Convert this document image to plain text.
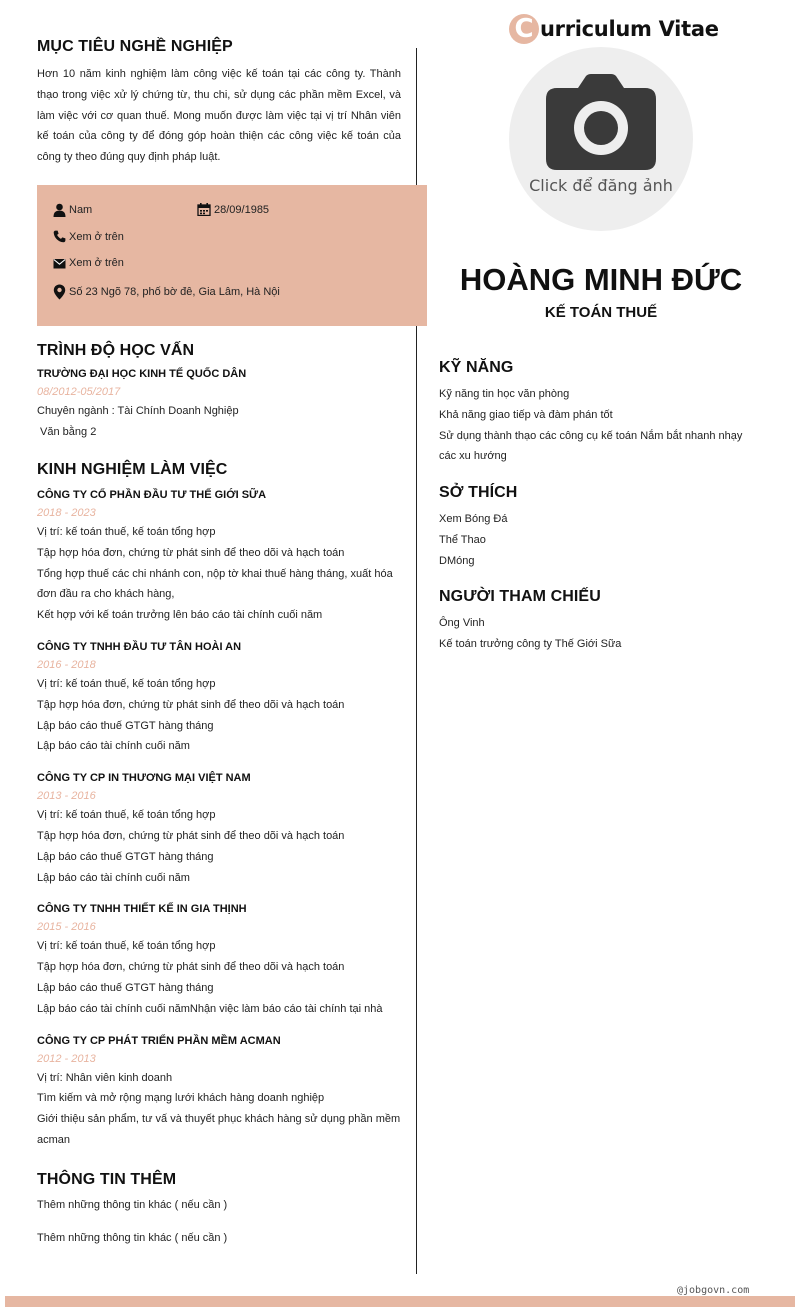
MỤC TIÊU NGHỀ NGHIỆP

Hơn 10 năm kinh nghiệm làm công việc kế toán tại các công ty. Thành thạo trong việc xử lý chứng từ, thu chi, sử dụng các phần mềm Excel, và làm việc với cơ quan thuế. Mong muốn được làm việc tại vị trí Nhân viên kế toán của công ty để đóng góp hoàn thiện các công việc kế toán của công ty theo đúng quy định pháp luật.

Nam	28/09/1985
Xem ở trên
Xem ở trên
Số 23 Ngõ 78, phố bờ đê, Gia Lâm, Hà Nội
TRÌNH ĐỘ HỌC VẤN

TRƯỜNG ĐẠI HỌC KINH TẾ QUỐC DÂN

08/2012-05/2017

Chuyên ngành : Tài Chính Doanh Nghiệp

Văn bằng 2

KINH NGHIỆM LÀM VIỆC

CÔNG TY CỔ PHẦN ĐẦU TƯ THẾ GIỚI SỮA

2018 - 2023

Vị trí: kế toán thuế, kế toán tổng hợp

Tập hợp hóa đơn, chứng từ phát sinh để theo dõi và hạch toán

Tổng hợp thuế các chi nhánh con, nộp tờ khai thuế hàng tháng, xuất hóa đơn đầu ra cho khách hàng,

Kết hợp với kế toán trưởng lên báo cáo tài chính cuối năm

CÔNG TY TNHH ĐẦU TƯ TÂN HOÀI AN

2016 - 2018

Vị trí: kế toán thuế, kế toán tổng hợp

Tập hợp hóa đơn, chứng từ phát sinh để theo dõi và hạch toán

Lập báo cáo thuế GTGT hàng tháng

Lập báo cáo tài chính cuối năm

CÔNG TY CP IN THƯƠNG MẠI VIỆT NAM

2013 - 2016

Vị trí: kế toán thuế, kế toán tổng hợp

Tập hợp hóa đơn, chứng từ phát sinh để theo dõi và hạch toán

Lập báo cáo thuế GTGT hàng tháng

Lập báo cáo tài chính cuối năm

CÔNG TY TNHH THIẾT KẾ IN GIA THỊNH

2015 - 2016

Vị trí: kế toán thuế, kế toán tổng hợp

Tập hợp hóa đơn, chứng từ phát sinh để theo dõi và hạch toán

Lập báo cáo thuế GTGT hàng tháng

Lập báo cáo tài chính cuối nămNhận việc làm báo cáo tài chính tại nhà

CÔNG TY CP PHÁT TRIỂN PHẦN MỀM ACMAN

2012 - 2013

Vị trí: Nhân viên kinh doanh

Tìm kiếm và mở rộng mạng lưới khách hàng doanh nghiệp

Giới thiệu sản phẩm, tư vấ và thuyết phục khách hàng sử dụng phần mềm acman

THÔNG TIN THÊM

Thêm những thông tin khác ( nếu cần )

Thêm những thông tin khác ( nếu cần )

C urriculum Vitae
Click để đăng ảnh
HOÀNG MINH ĐỨC
KẾ TOÁN THUẾ
KỸ NĂNG

Kỹ năng tin học văn phòng

Khả năng giao tiếp và đàm phán tốt

Sử dụng thành thạo các công cụ kế toán Nắm bắt nhanh nhạy các xu hướng

SỞ THÍCH

Xem Bóng Đá

Thể Thao

DMóng

NGƯỜI THAM CHIẾU

Ông Vinh

Kế toán trưởng công ty Thế Giới Sữa

@jobgovn.com
